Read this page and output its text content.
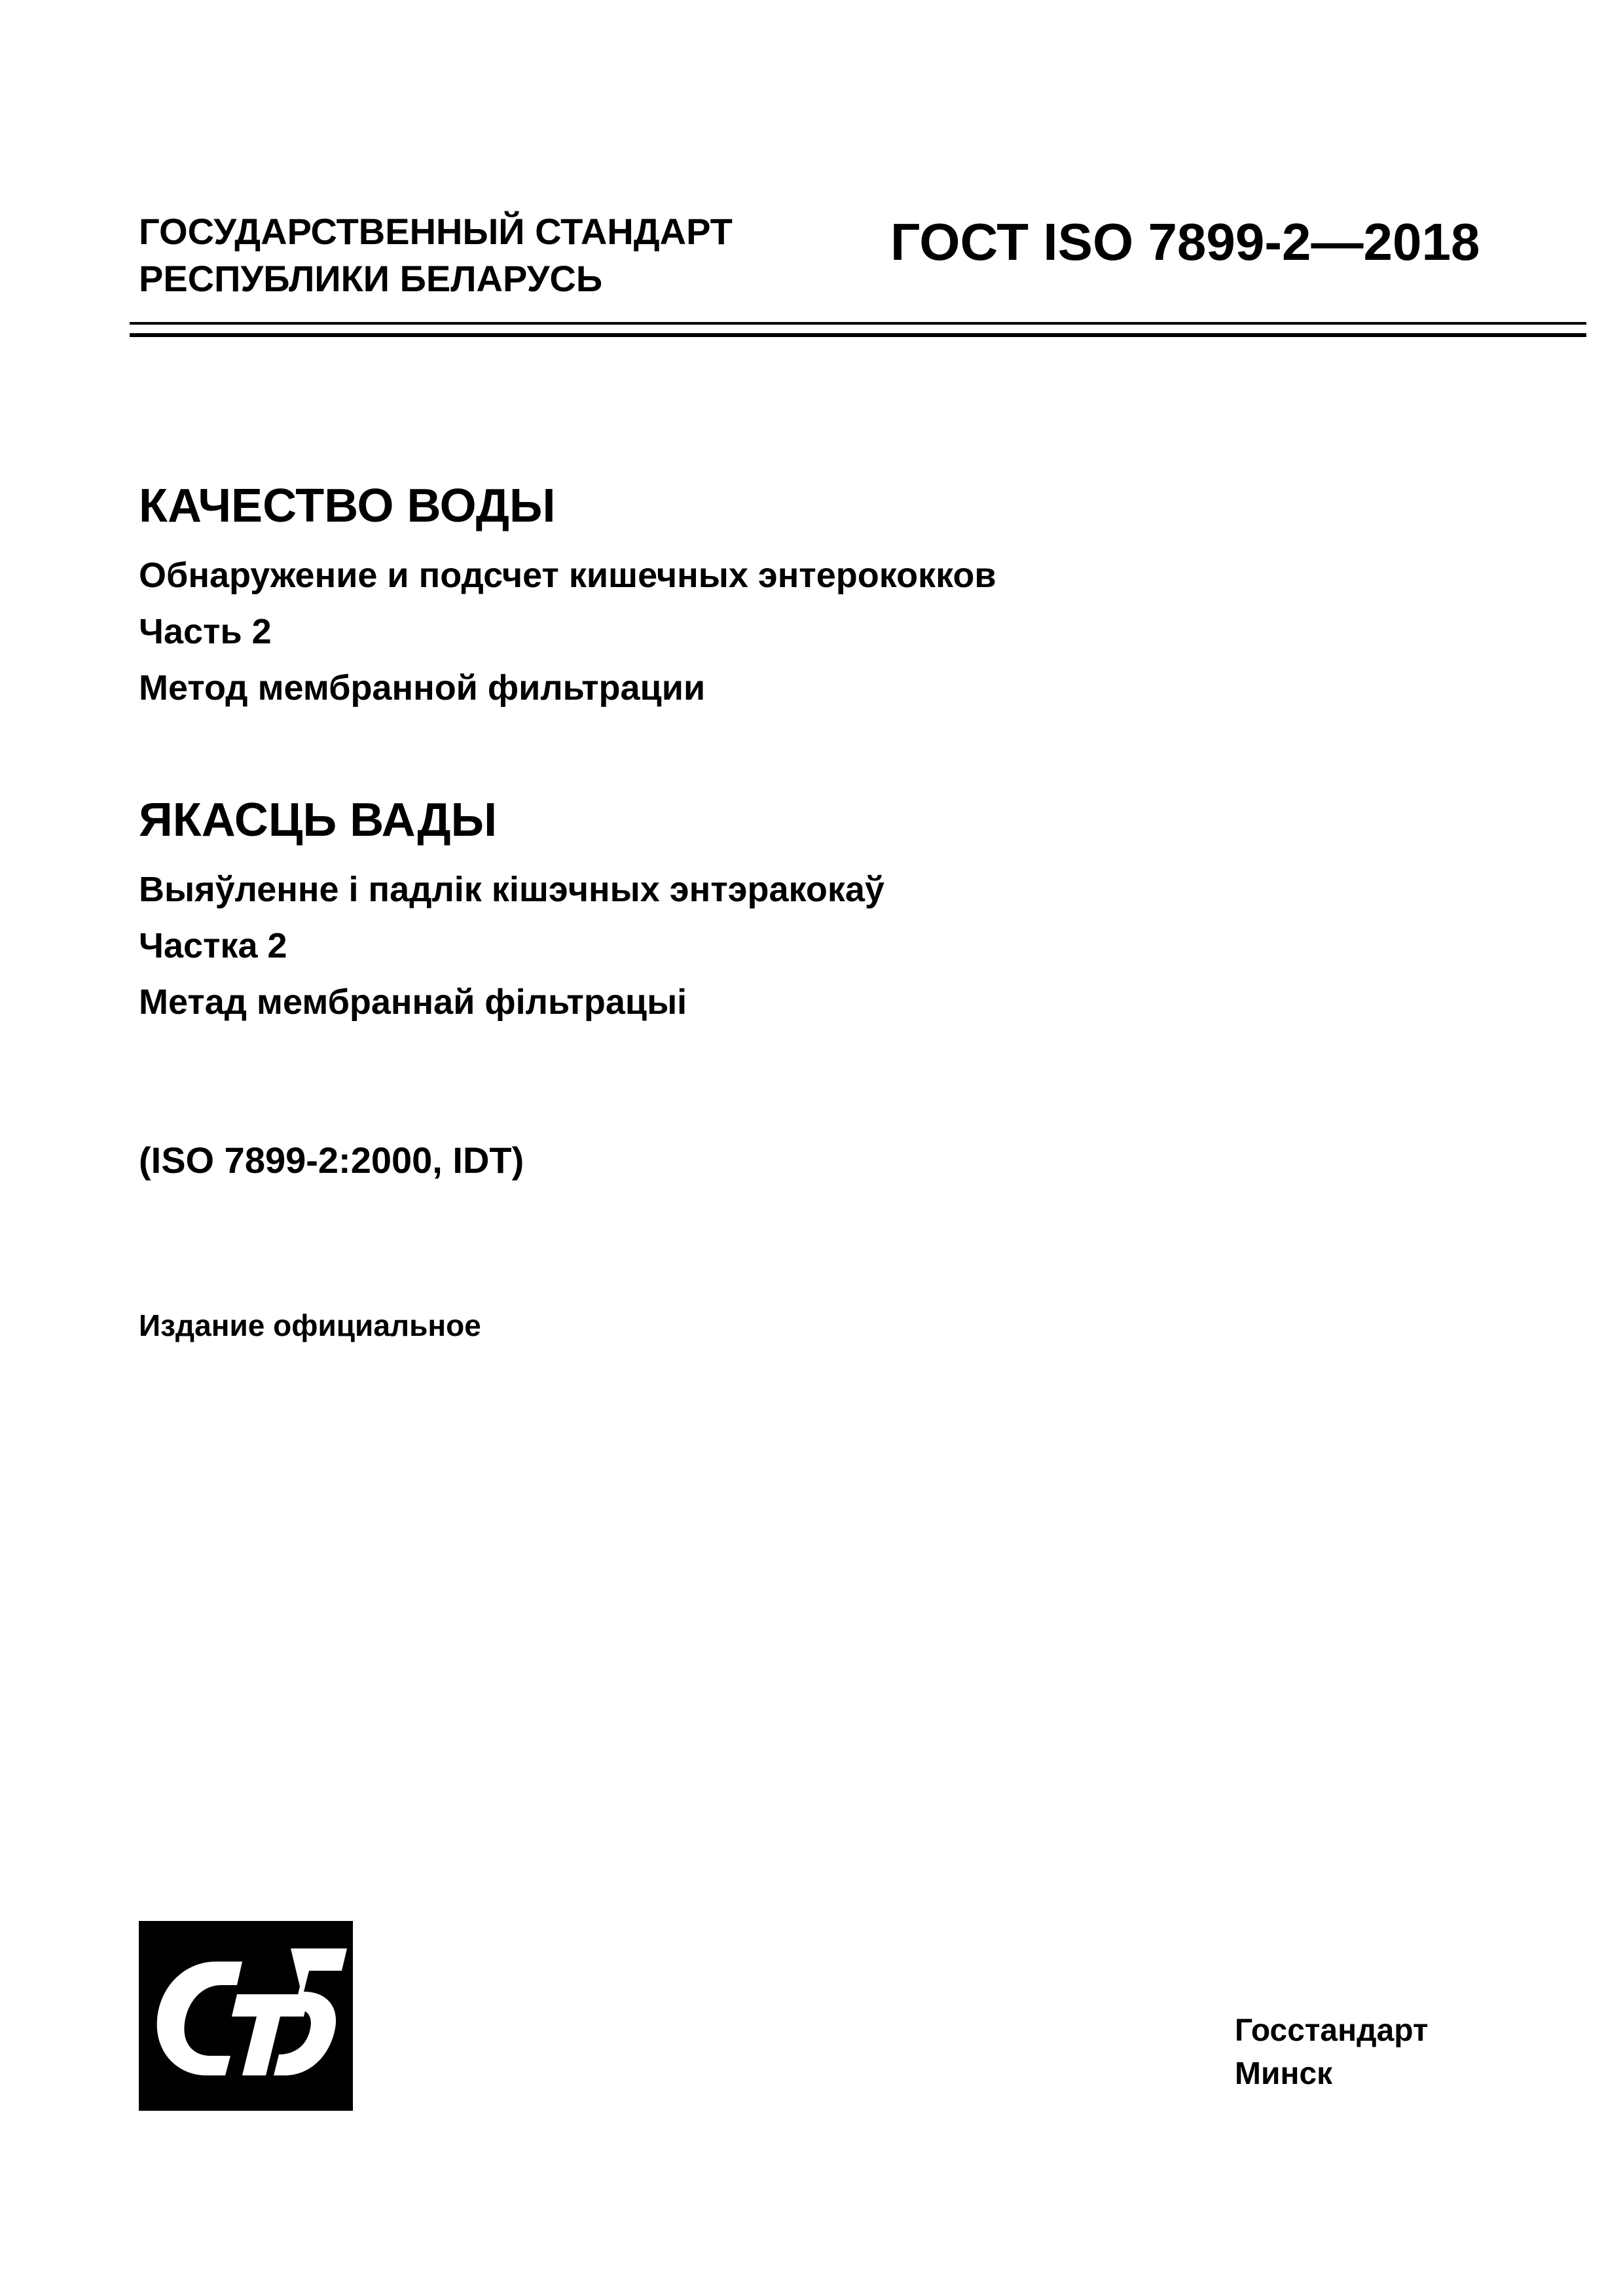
ГОСУДАРСТВЕННЫЙ СТАНДАРТ
РЕСПУБЛИКИ БЕЛАРУСЬ
ГОСТ ISO 7899-2—2018
КАЧЕСТВО ВОДЫ
Обнаружение и подсчет кишечных энтерококков
Часть 2
Метод мембранной фильтрации
ЯКАСЦЬ ВАДЫ
Выяўленне і падлік кішэчных энтэракокаў
Частка 2
Метад мембраннай фільтрацыі
(ISO 7899-2:2000, IDT)
Издание официальное
Госстандарт
Минск
